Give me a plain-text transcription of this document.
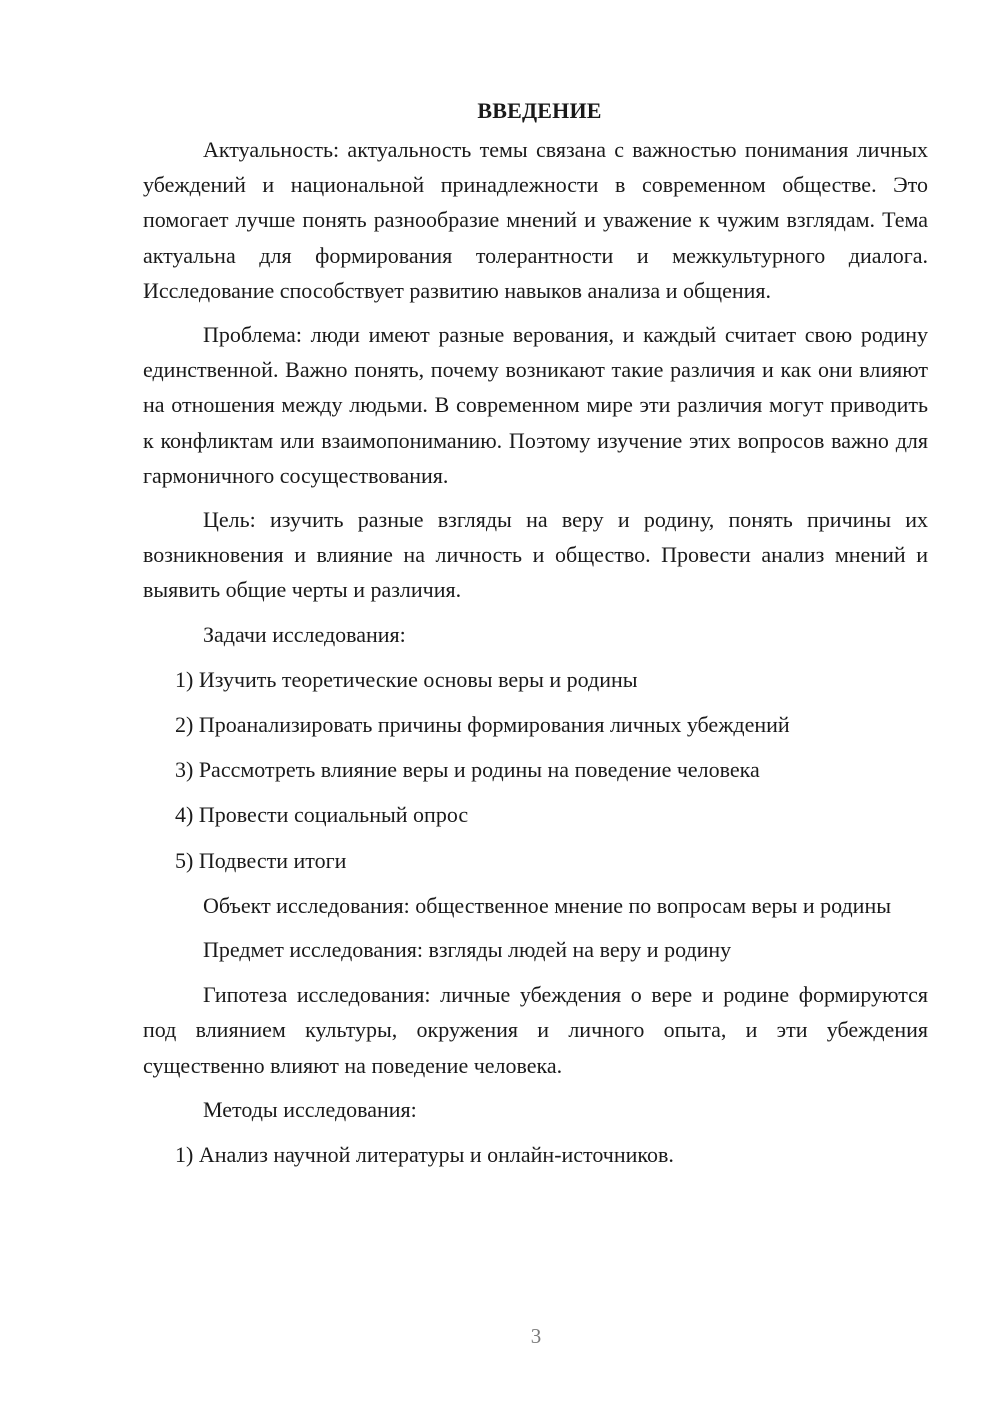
ВВЕДЕНИЕ

Актуальность: актуальность темы связана с важностью понимания личных убеждений и национальной принадлежности в современном обществе. Это помогает лучше понять разнообразие мнений и уважение к чужим взглядам. Тема актуальна для формирования толерантности и межкультурного диалога. Исследование способствует развитию навыков анализа и общения.

Проблема: люди имеют разные верования, и каждый считает свою родину единственной. Важно понять, почему возникают такие различия и как они влияют на отношения между людьми. В современном мире эти различия могут приводить к конфликтам или взаимопониманию. Поэтому изучение этих вопросов важно для гармоничного сосуществования.

Цель: изучить разные взгляды на веру и родину, понять причины их возникновения и влияние на личность и общество. Провести анализ мнений и выявить общие черты и различия.

Задачи исследования:

1) Изучить теоретические основы веры и родины
2) Проанализировать причины формирования личных убеждений
3) Рассмотреть влияние веры и родины на поведение человека
4) Провести социальный опрос
5) Подвести итоги

Объект исследования: общественное мнение по вопросам веры и родины

Предмет исследования: взгляды людей на веру и родину

Гипотеза исследования: личные убеждения о вере и родине формируются под влиянием культуры, окружения и личного опыта, и эти убеждения существенно влияют на поведение человека.

Методы исследования:

1) Анализ научной литературы и онлайн-источников.
3
